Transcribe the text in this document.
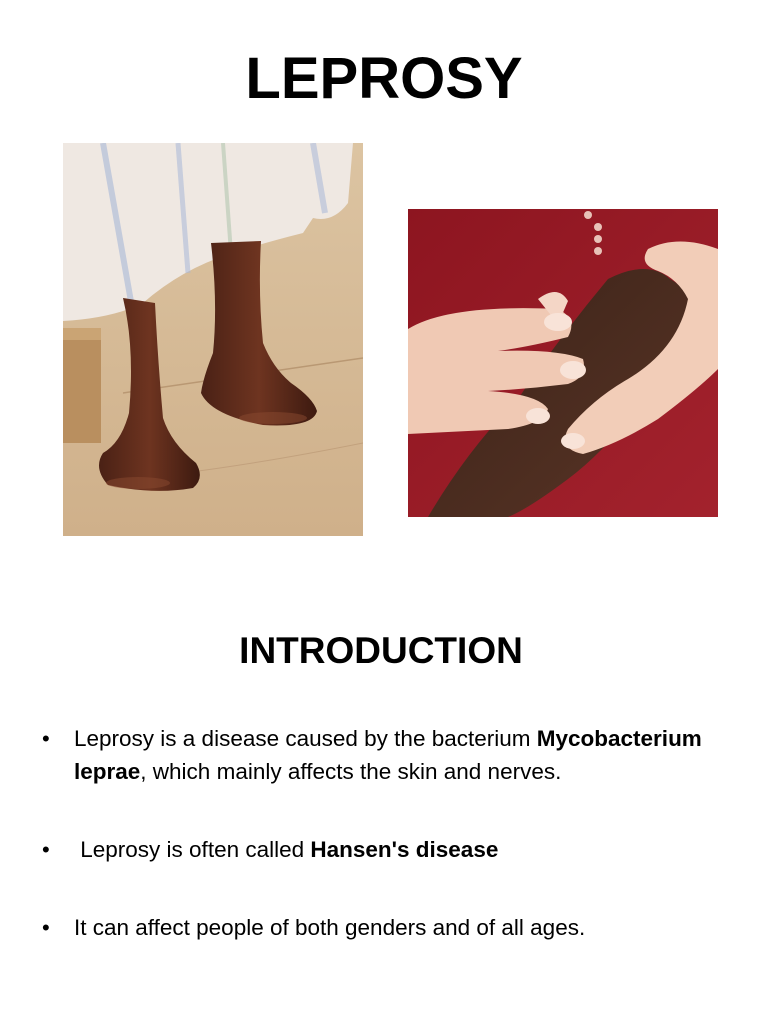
LEPROSY
INTRODUCTION
• Leprosy is a disease caused by the bacterium Mycobacterium leprae, which mainly affects the skin and nerves.
• Leprosy is often called Hansen's disease
• It can affect people of both genders and of all ages.
